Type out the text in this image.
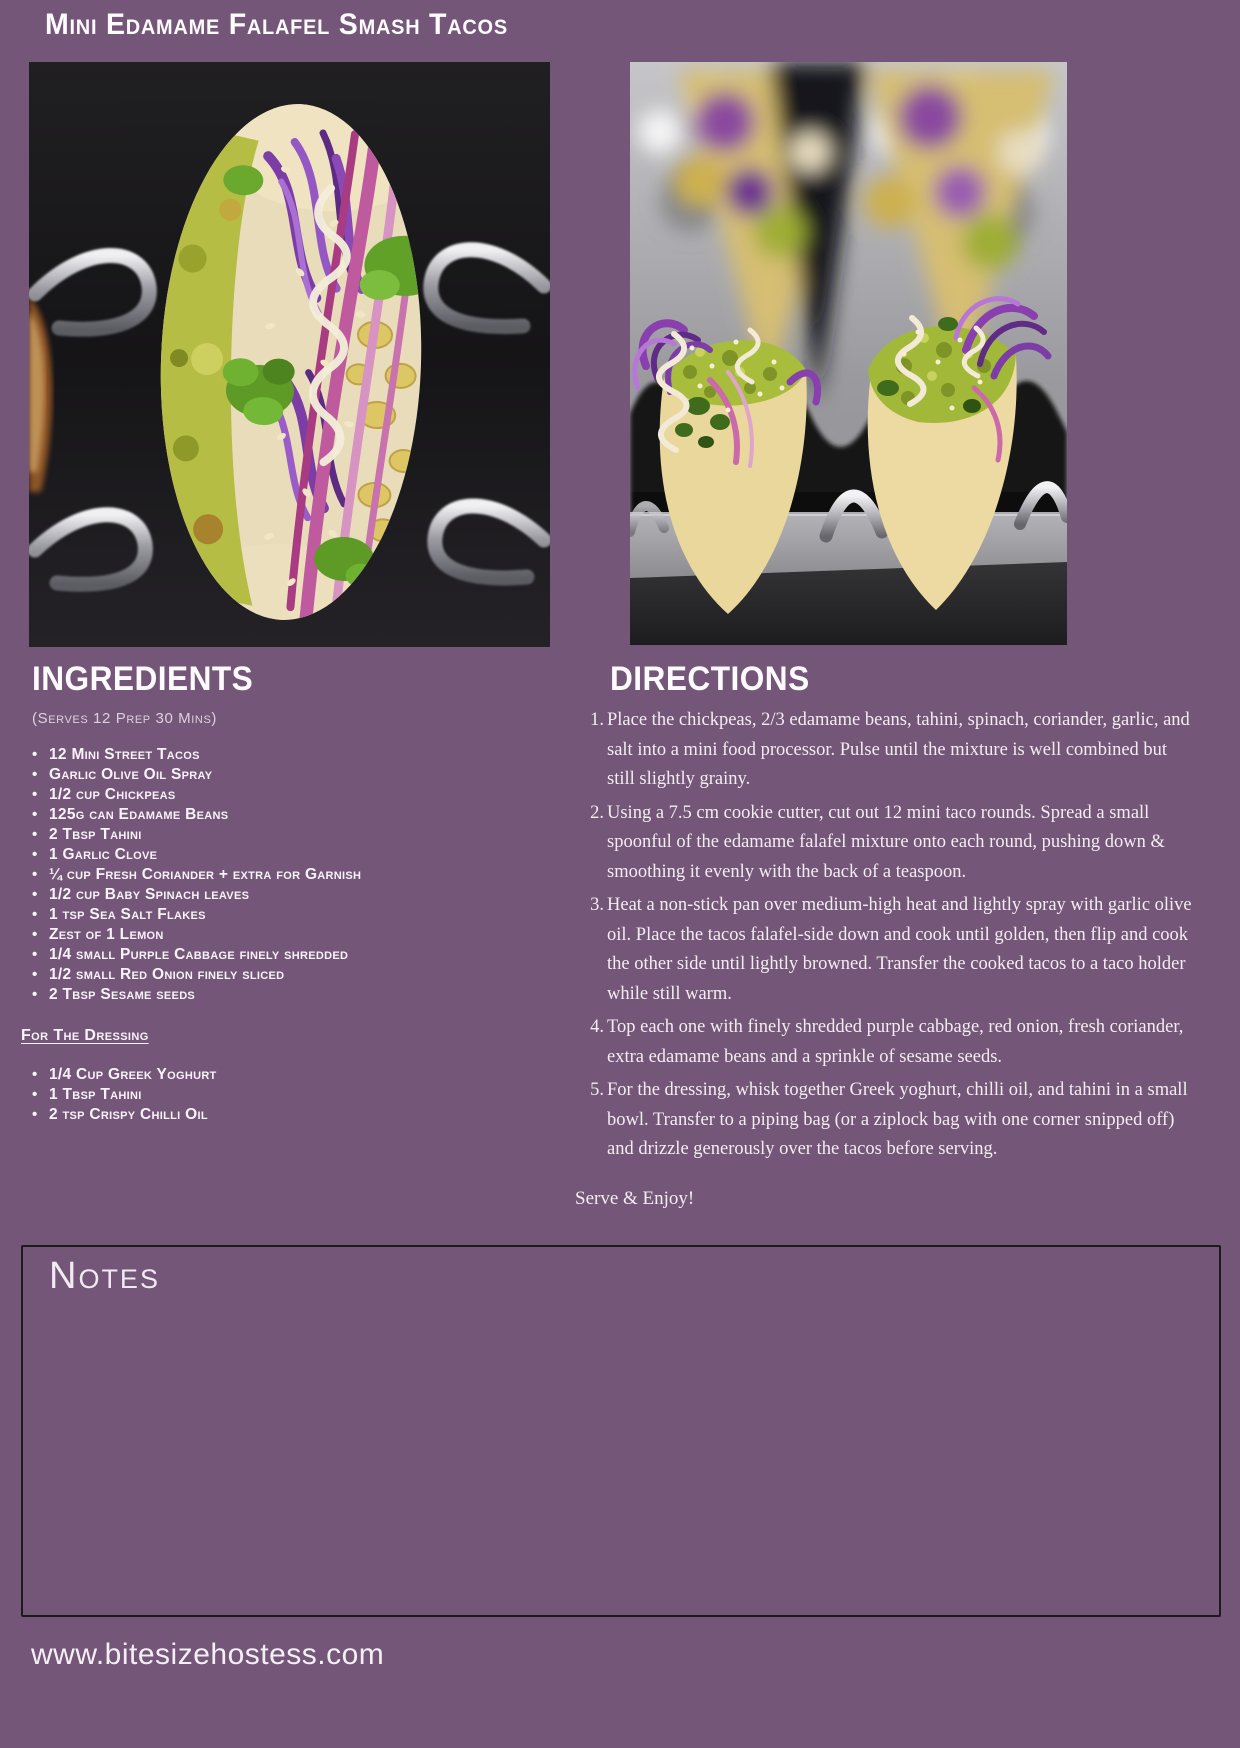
Mini Edamame Falafel Smash Tacos
INGREDIENTS
(Serves 12 Prep 30 Mins)
• 12 Mini Street Tacos
• Garlic Olive Oil Spray
• 1/2 cup Chickpeas
• 125g can Edamame Beans
• 2 Tbsp Tahini
• 1 Garlic Clove
• ¼ cup Fresh Coriander + extra for Garnish
• 1/2 cup Baby Spinach leaves
• 1 tsp Sea Salt Flakes
• Zest of 1 Lemon
• 1/4 small Purple Cabbage finely shredded
• 1/2 small Red Onion finely sliced
• 2 Tbsp Sesame seeds
For The Dressing
• 1/4 Cup Greek Yoghurt
• 1 Tbsp Tahini
• 2 tsp Crispy Chilli Oil
DIRECTIONS
Place the chickpeas, 2/3 edamame beans, tahini, spinach, coriander, garlic, and salt into a mini food processor. Pulse until the mixture is well combined but still slightly grainy.
Using a 7.5 cm cookie cutter, cut out 12 mini taco rounds. Spread a small spoonful of the edamame falafel mixture onto each round, pushing down & smoothing it evenly with the back of a teaspoon.
Heat a non-stick pan over medium-high heat and lightly spray with garlic olive oil. Place the tacos falafel-side down and cook until golden, then flip and cook the other side until lightly browned. Transfer the cooked tacos to a taco holder while still warm.
Top each one with finely shredded purple cabbage, red onion, fresh coriander, extra edamame beans and a sprinkle of sesame seeds.
For the dressing, whisk together Greek yoghurt, chilli oil, and tahini in a small bowl. Transfer to a piping bag (or a ziplock bag with one corner snipped off) and drizzle generously over the tacos before serving.
Serve & Enjoy!
Notes
www.bitesizehostess.com
